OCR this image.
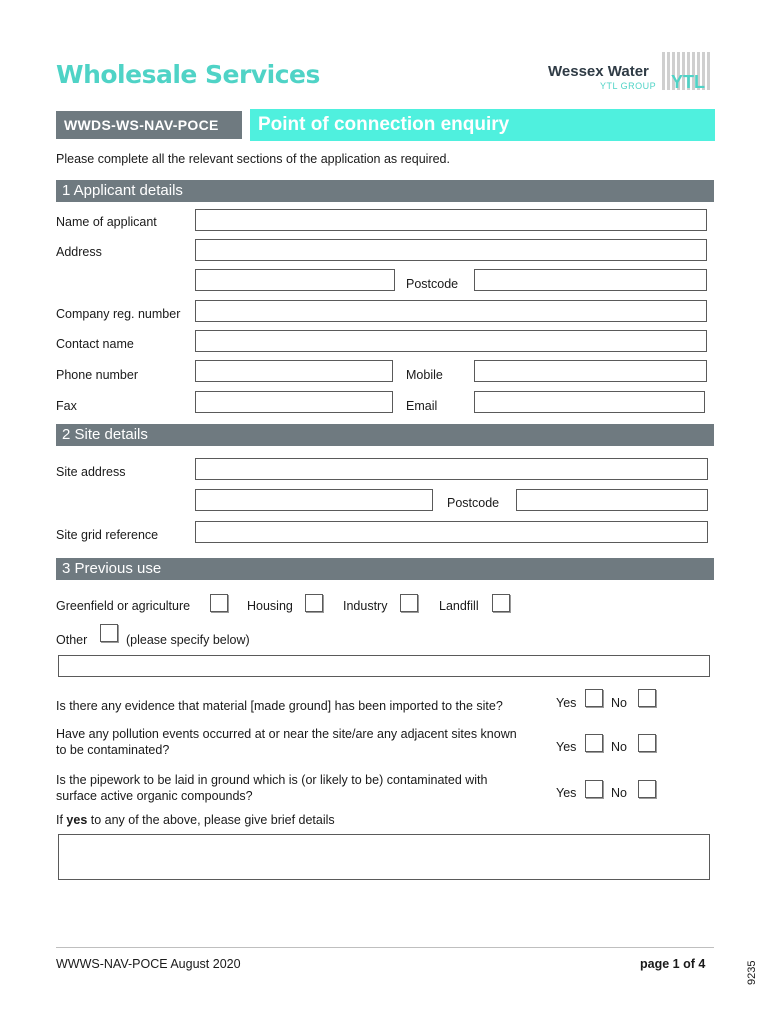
Wholesale Services	Wessex Water
YTL GROUP YTL
WWDS-WS-NAV-POCE	Point of connection enquiry
Please complete all the relevant sections of the application as required.
1 Applicant details
Name of applicant
Address
Postcode
Company reg. number
Contact name
Phone number	Mobile
Fax	Email
2 Site details
Site address
Postcode
Site grid reference
3 Previous use
Greenfield or agriculture	Housing	Industry	Landfill
Other	(please specify below)
Is there any evidence that material [made ground] has been imported to the site?	Yes	No
Have any pollution events occurred at or near the site/are any adjacent sites known
to be contaminated?	Yes	No
Is the pipework to be laid in ground which is (or likely to be) contaminated with
surface active organic compounds?	Yes	No
If yes to any of the above, please give brief details
WWWS-NAV-POCE August 2020	page 1 of 4	9235
